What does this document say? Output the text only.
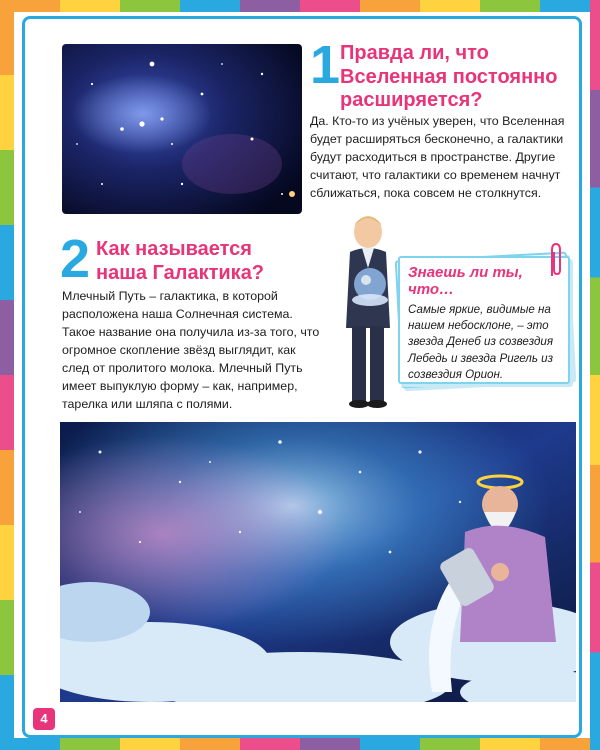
1 Правда ли, что Вселенная постоянно расширяется?

Да. Кто-то из учёных уверен, что Вселенная будет расширяться бесконечно, а галактики будут расходиться в пространстве. Другие считают, что галактики со временем начнут сближаться, пока совсем не столкнутся.

2 Как называется наша Галактика?

Млечный Путь – галактика, в которой расположена наша Солнечная система. Такое название она получила из-за того, что огромное скопление звёзд выглядит, как след от пролитого молока. Млечный Путь имеет выпуклую форму – как, например, тарелка или шляпа с полями.

Знаешь ли ты, что…

Самые яркие, видимые на нашем небосклоне, – это звезда Денеб из созвездия Лебедь и звезда Ригель из созвездия Орион.

4
